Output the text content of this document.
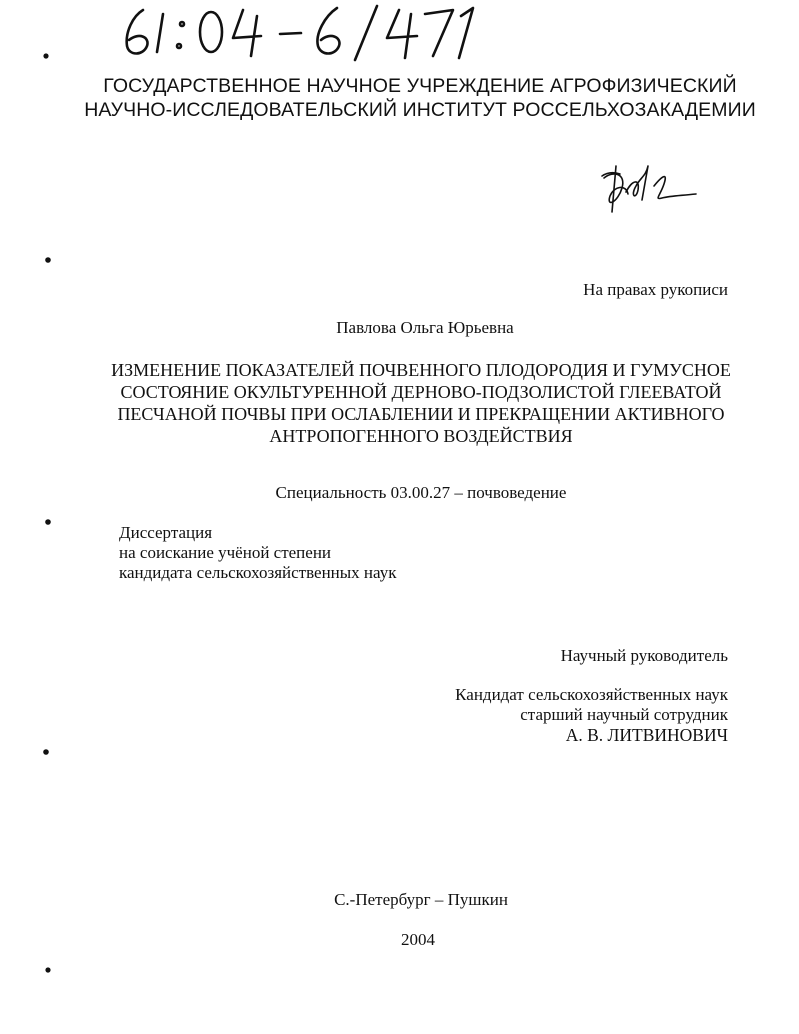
ГОСУДАРСТВЕННОЕ НАУЧНОЕ УЧРЕЖДЕНИЕ АГРОФИЗИЧЕСКИЙ
НАУЧНО-ИССЛЕДОВАТЕЛЬСКИЙ ИНСТИТУТ РОССЕЛЬХОЗАКАДЕМИИ
На правах рукописи
Павлова Ольга Юрьевна
ИЗМЕНЕНИЕ ПОКАЗАТЕЛЕЙ ПОЧВЕННОГО ПЛОДОРОДИЯ И ГУМУСНОЕ
СОСТОЯНИЕ ОКУЛЬТУРЕННОЙ ДЕРНОВО-ПОДЗОЛИСТОЙ ГЛЕЕВАТОЙ
ПЕСЧАНОЙ ПОЧВЫ ПРИ ОСЛАБЛЕНИИ И ПРЕКРАЩЕНИИ АКТИВНОГО
АНТРОПОГЕННОГО ВОЗДЕЙСТВИЯ
Специальность 03.00.27 – почвоведение
Диссертация
на соискание учёной степени
кандидата сельскохозяйственных наук
Научный руководитель
Кандидат сельскохозяйственных наук
старший научный сотрудник
А. В. ЛИТВИНОВИЧ
С.-Петербург – Пушкин
2004
